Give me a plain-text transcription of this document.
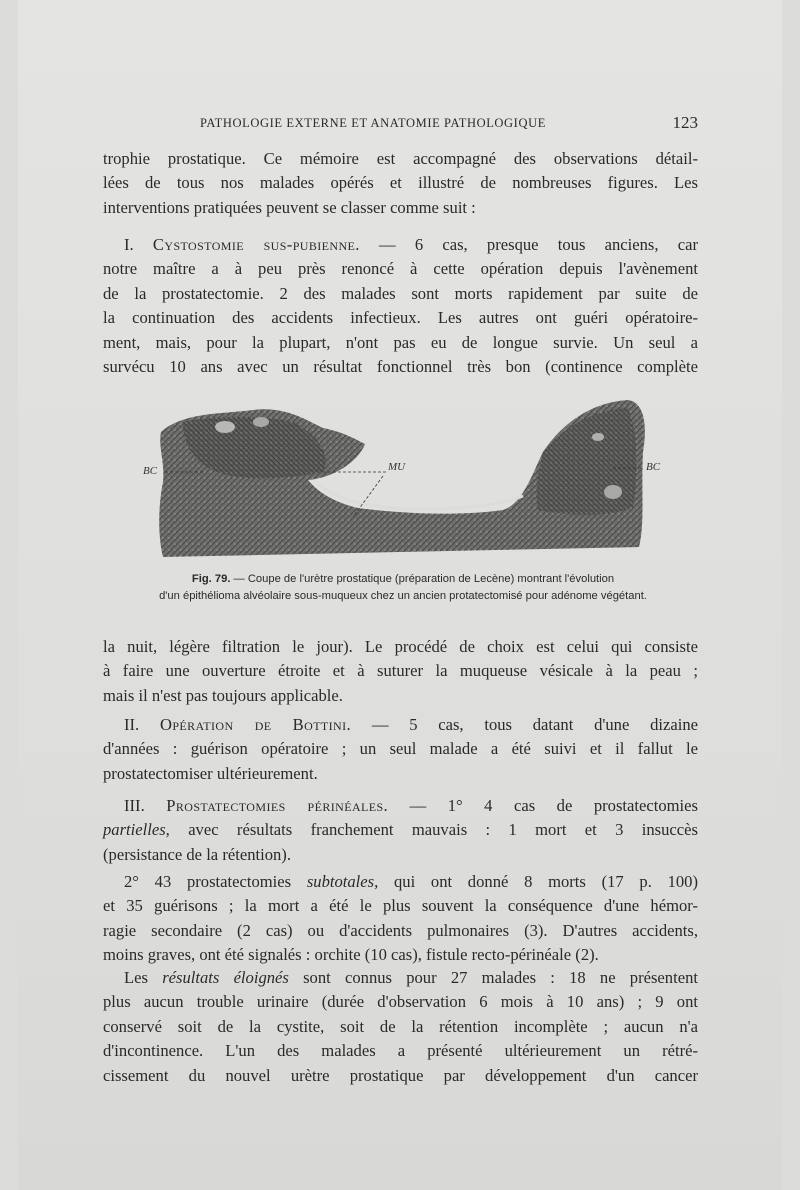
PATHOLOGIE EXTERNE ET ANATOMIE PATHOLOGIQUE	123
trophie prostatique. Ce mémoire est accompagné des observations détail-
lées de tous nos malades opérés et illustré de nombreuses figures. Les
interventions pratiquées peuvent se classer comme suit :
I. Cystostomie sus-pubienne. — 6 cas, presque tous anciens, car
notre maître a à peu près renoncé à cette opération depuis l'avènement
de la prostatectomie. 2 des malades sont morts rapidement par suite de
la continuation des accidents infectieux. Les autres ont guéri opératoire-
ment, mais, pour la plupart, n'ont pas eu de longue survie. Un seul a
survécu 10 ans avec un résultat fonctionnel très bon (continence complète
BC	MU	BC
Fig. 79. — Coupe de l'urètre prostatique (préparation de Lecène) montrant l'évolution
d'un épithélioma alvéolaire sous-muqueux chez un ancien protatectomisé pour adénome végétant.
la nuit, légère filtration le jour). Le procédé de choix est celui qui consiste
à faire une ouverture étroite et à suturer la muqueuse vésicale à la peau ;
mais il n'est pas toujours applicable.
II. Opération de Bottini. — 5 cas, tous datant d'une dizaine
d'années : guérison opératoire ; un seul malade a été suivi et il fallut le
prostatectomiser ultérieurement.
III. Prostatectomies périnéales. — 1° 4 cas de prostatectomies
partielles, avec résultats franchement mauvais : 1 mort et 3 insuccès
(persistance de la rétention).
2° 43 prostatectomies subtotales, qui ont donné 8 morts (17 p. 100)
et 35 guérisons ; la mort a été le plus souvent la conséquence d'une hémor-
ragie secondaire (2 cas) ou d'accidents pulmonaires (3). D'autres accidents,
moins graves, ont été signalés : orchite (10 cas), fistule recto-périnéale (2).
Les résultats éloignés sont connus pour 27 malades : 18 ne présentent
plus aucun trouble urinaire (durée d'observation 6 mois à 10 ans) ; 9 ont
conservé soit de la cystite, soit de la rétention incomplète ; aucun n'a
d'incontinence. L'un des malades a présenté ultérieurement un rétré-
cissement du nouvel urètre prostatique par développement d'un cancer
